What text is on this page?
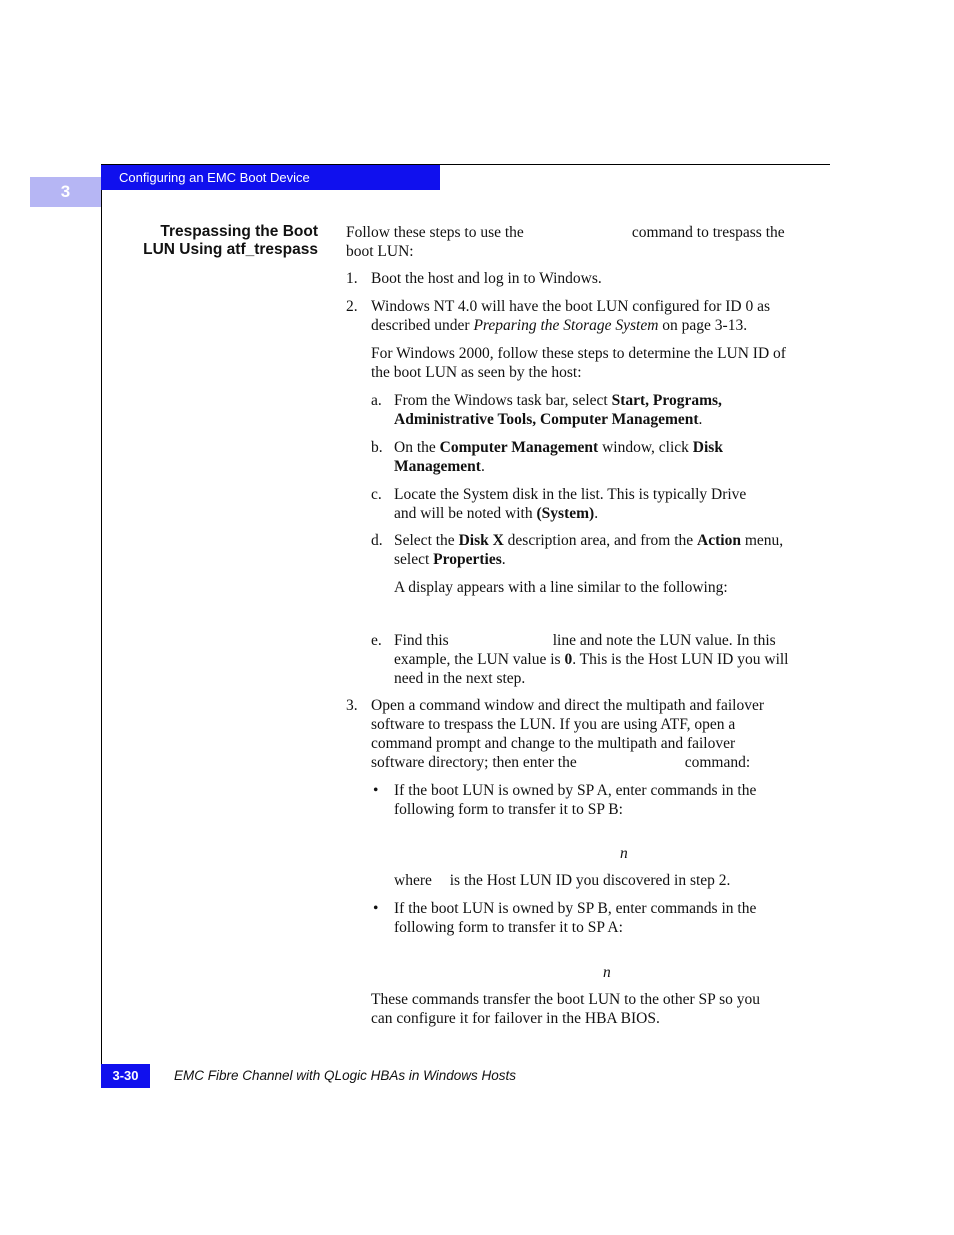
Configuring an EMC Boot Device
3
Trespassing the Boot
LUN Using atf_trespass
Follow these steps to use the	command to trespass the
boot LUN:
1. Boot the host and log in to Windows.
2. Windows NT 4.0 will have the boot LUN configured for ID 0 as
described under Preparing the Storage System on page 3-13.
For Windows 2000, follow these steps to determine the LUN ID of
the boot LUN as seen by the host:
a. From the Windows task bar, select Start, Programs,
Administrative Tools, Computer Management.
b. On the Computer Management window, click Disk
Management.
c. Locate the System disk in the list. This is typically Drive
and will be noted with (System).
d. Select the Disk X description area, and from the Action menu,
select Properties.
A display appears with a line similar to the following:
e. Find this	line and note the LUN value. In this
example, the LUN value is 0. This is the Host LUN ID you will
need in the next step.
3. Open a command window and direct the multipath and failover
software to trespass the LUN. If you are using ATF, open a
command prompt and change to the multipath and failover
software directory; then enter the	command:
• If the boot LUN is owned by SP A, enter commands in the
following form to transfer it to SP B:
n
where is the Host LUN ID you discovered in step 2.
• If the boot LUN is owned by SP B, enter commands in the
following form to transfer it to SP A:
n
These commands transfer the boot LUN to the other SP so you
can configure it for failover in the HBA BIOS.
3-30	EMC Fibre Channel with QLogic HBAs in Windows Hosts
